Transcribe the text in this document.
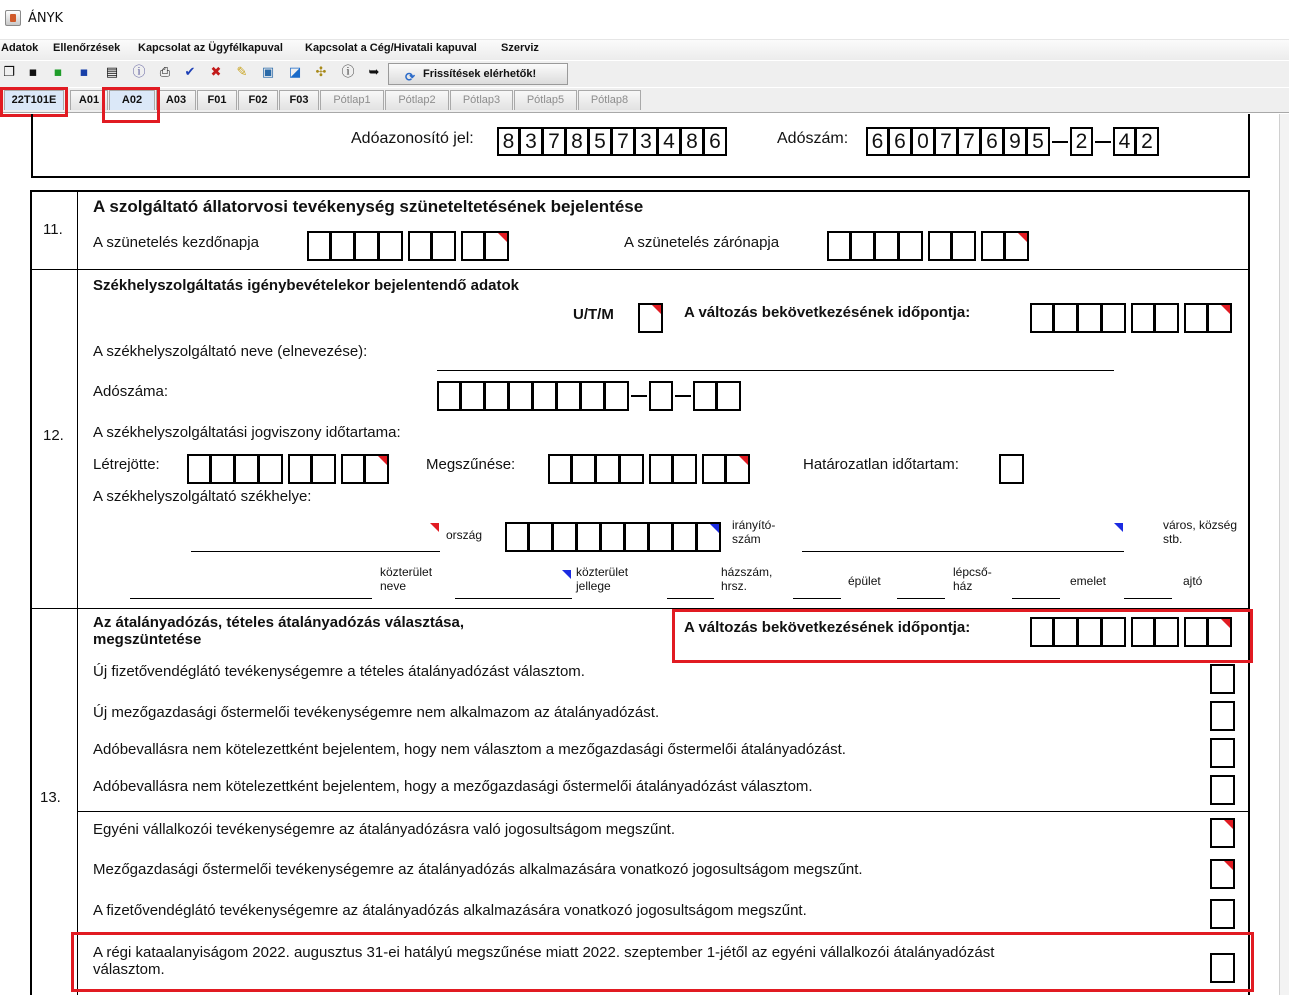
ÁNYK
Adatok Ellenőrzések Kapcsolat az Ügyfélkapuval Kapcsolat a Cég/Hivatali kapuval Szerviz
❐ ▪ ▪ ▪ ▤ ⓘ ⎙ ✔ ✖ ✎ ▣ ◪ ✣ ⓘ ➥ ⟳ Frissítések elérhetők!
22T101E	A01	A02	A03	F01	F02	F03	Pótlap1	Pótlap2	Pótlap3	Pótlap5	Pótlap8
Adóazonosító jel: 8 3 7 8 5 7 3 4 8 6	Adószám: 6 6 0 7 7 6 9 5 2 4 2
11.
A szolgáltató állatorvosi tevékenység szüneteltetésének bejelentése
A szünetelés kezdőnapja	A szünetelés zárónapja
12.
Székhelyszolgáltatás igénybevételekor bejelentendő adatok
U/T/M	A változás bekövetkezésének időpontja:
A székhelyszolgáltató neve (elnevezése):
Adószáma:
A székhelyszolgáltatási jogviszony időtartama:
Létrejötte:	Megszűnése:	Határozatlan időtartam:
A székhelyszolgáltató székhelye:
ország
irányító-szám
város, község stb.
közterület neve
közterület jellege
házszám, hrsz.	épület
lépcső-ház	emelet	ajtó
13.
Az átalányadózás, tételes átalányadózás választása, megszüntetése
A változás bekövetkezésének időpontja:
Új fizetővendéglátó tevékenységemre a tételes átalányadózást választom.
Új mezőgazdasági őstermelői tevékenységemre nem alkalmazom az átalányadózást.
Adóbevallásra nem kötelezettként bejelentem, hogy nem választom a mezőgazdasági őstermelői átalányadózást.
Adóbevallásra nem kötelezettként bejelentem, hogy a mezőgazdasági őstermelői átalányadózást választom.
Egyéni vállalkozói tevékenységemre az átalányadózásra való jogosultságom megszűnt.
Mezőgazdasági őstermelői tevékenységemre az átalányadózás alkalmazására vonatkozó jogosultságom megszűnt.
A fizetővendéglátó tevékenységemre az átalányadózás alkalmazására vonatkozó jogosultságom megszűnt.
A régi kataalanyiságom 2022. augusztus 31-ei hatályú megszűnése miatt 2022. szeptember 1-jétől az egyéni vállalkozói átalányadózást választom.
